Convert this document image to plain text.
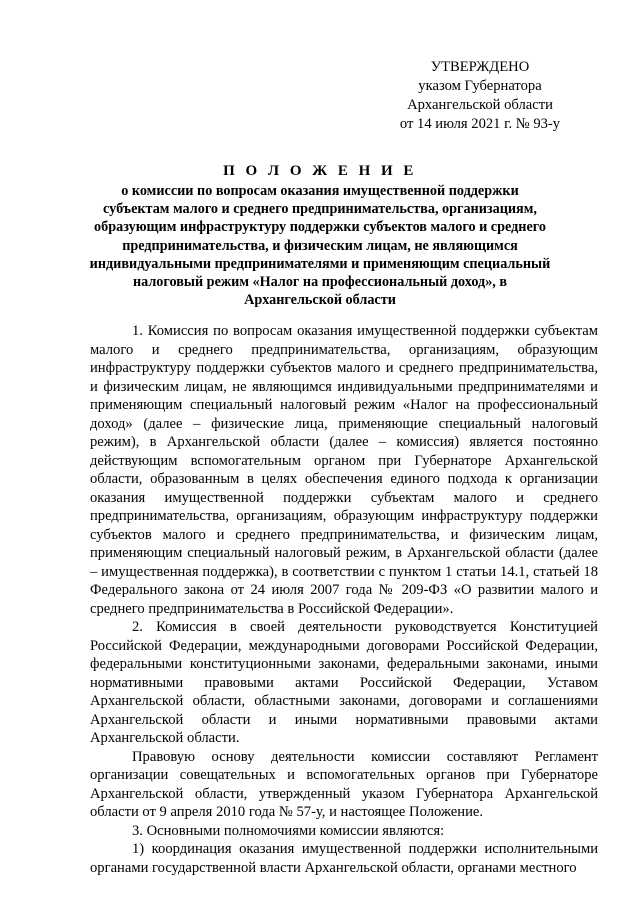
УТВЕРЖДЕНО
указом Губернатора
Архангельской области
от 14 июля 2021 г. № 93-у
П О Л О Ж Е Н И Е
о комиссии по вопросам оказания имущественной поддержки субъектам малого и среднего предпринимательства, организациям, образующим инфраструктуру поддержки субъектов малого и среднего предпринимательства, и физическим лицам, не являющимся индивидуальными предпринимателями и применяющим специальный налоговый режим «Налог на профессиональный доход», в Архангельской области

1. Комиссия по вопросам оказания имущественной поддержки субъектам малого и среднего предпринимательства, организациям, образующим инфраструктуру поддержки субъектов малого и среднего предпринимательства, и физическим лицам, не являющимся индивидуальными предпринимателями и применяющим специальный налоговый режим «Налог на профессиональный доход» (далее – физические лица, применяющие специальный налоговый режим), в Архангельской области (далее – комиссия) является постоянно действующим вспомогательным органом при Губернаторе Архангельской области, образованным в целях обеспечения единого подхода к организации оказания имущественной поддержки субъектам малого и среднего предпринимательства, организациям, образующим инфраструктуру поддержки субъектов малого и среднего предпринимательства, и физическим лицам, применяющим специальный налоговый режим, в Архангельской области (далее – имущественная поддержка), в соответствии с пунктом 1 статьи 14.1, статьей 18 Федерального закона от 24 июля 2007 года № 209-ФЗ «О развитии малого и среднего предпринимательства в Российской Федерации».

2. Комиссия в своей деятельности руководствуется Конституцией Российской Федерации, международными договорами Российской Федерации, федеральными конституционными законами, федеральными законами, иными нормативными правовыми актами Российской Федерации, Уставом Архангельской области, областными законами, договорами и соглашениями Архангельской области и иными нормативными правовыми актами Архангельской области.

Правовую основу деятельности комиссии составляют Регламент организации совещательных и вспомогательных органов при Губернаторе Архангельской области, утвержденный указом Губернатора Архангельской области от 9 апреля 2010 года № 57-у, и настоящее Положение.

3. Основными полномочиями комиссии являются:

1) координация оказания имущественной поддержки исполнительными органами государственной власти Архангельской области, органами местного
